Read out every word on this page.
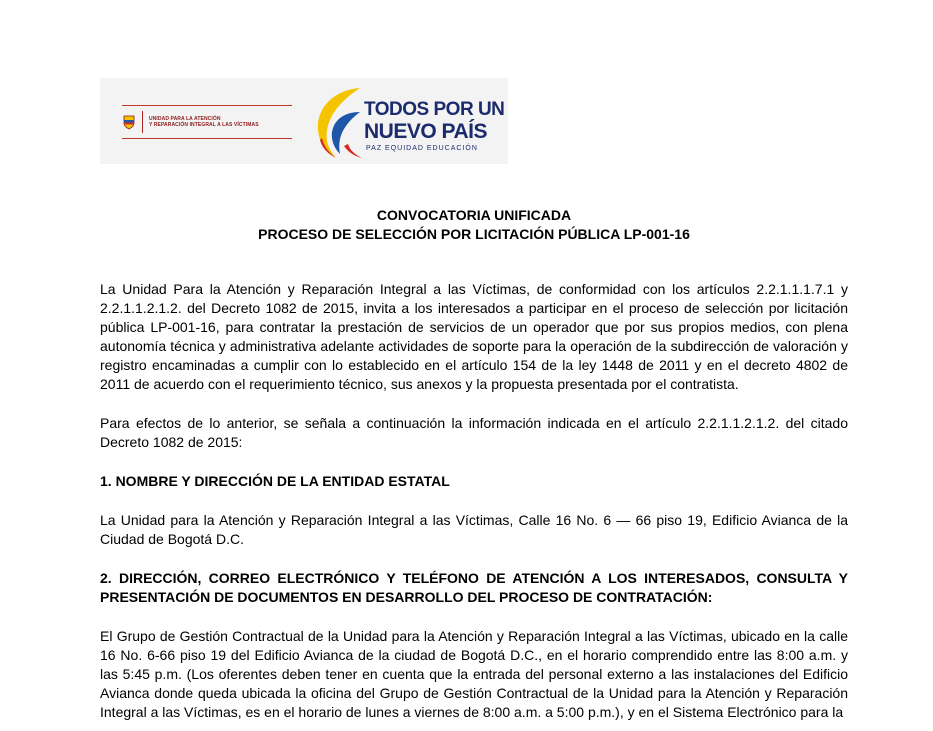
UNIDAD PARA LA ATENCIÓN
Y REPARACIÓN INTEGRAL A LAS VÍCTIMAS
TODOS POR UN
NUEVO PAÍS
PAZ EQUIDAD EDUCACIÓN

CONVOCATORIA UNIFICADA

PROCESO DE SELECCIÓN POR LICITACIÓN PÚBLICA LP-001-16

La Unidad Para la Atención y Reparación Integral a las Víctimas, de conformidad con los artículos 2.2.1.1.1.7.1 y 2.2.1.1.2.1.2. del Decreto 1082 de 2015, invita a los interesados a participar en el proceso de selección por licitación pública LP-001-16, para contratar la prestación de servicios de un operador que por sus propios medios, con plena autonomía técnica y administrativa adelante actividades de soporte para la operación de la subdirección de valoración y registro encaminadas a cumplir con lo establecido en el artículo 154 de la ley 1448 de 2011 y en el decreto 4802 de 2011 de acuerdo con el requerimiento técnico, sus anexos y la propuesta presentada por el contratista.

Para efectos de lo anterior, se señala a continuación la información indicada en el artículo 2.2.1.1.2.1.2. del citado Decreto 1082 de 2015:

1. NOMBRE Y DIRECCIÓN DE LA ENTIDAD ESTATAL

La Unidad para la Atención y Reparación Integral a las Víctimas, Calle 16 No. 6 — 66 piso 19, Edificio Avianca de la Ciudad de Bogotá D.C.

2. DIRECCIÓN, CORREO ELECTRÓNICO Y TELÉFONO DE ATENCIÓN A LOS INTERESADOS, CONSULTA Y PRESENTACIÓN DE DOCUMENTOS EN DESARROLLO DEL PROCESO DE CONTRATACIÓN:

El Grupo de Gestión Contractual de la Unidad para la Atención y Reparación Integral a las Víctimas, ubicado en la calle 16 No. 6-66 piso 19 del Edificio Avianca de la ciudad de Bogotá D.C., en el horario comprendido entre las 8:00 a.m. y las 5:45 p.m. (Los oferentes deben tener en cuenta que la entrada del personal externo a las instalaciones del Edificio Avianca donde queda ubicada la oficina del Grupo de Gestión Contractual de la Unidad para la Atención y Reparación Integral a las Víctimas, es en el horario de lunes a viernes de 8:00 a.m. a 5:00 p.m.), y en el Sistema Electrónico para la
